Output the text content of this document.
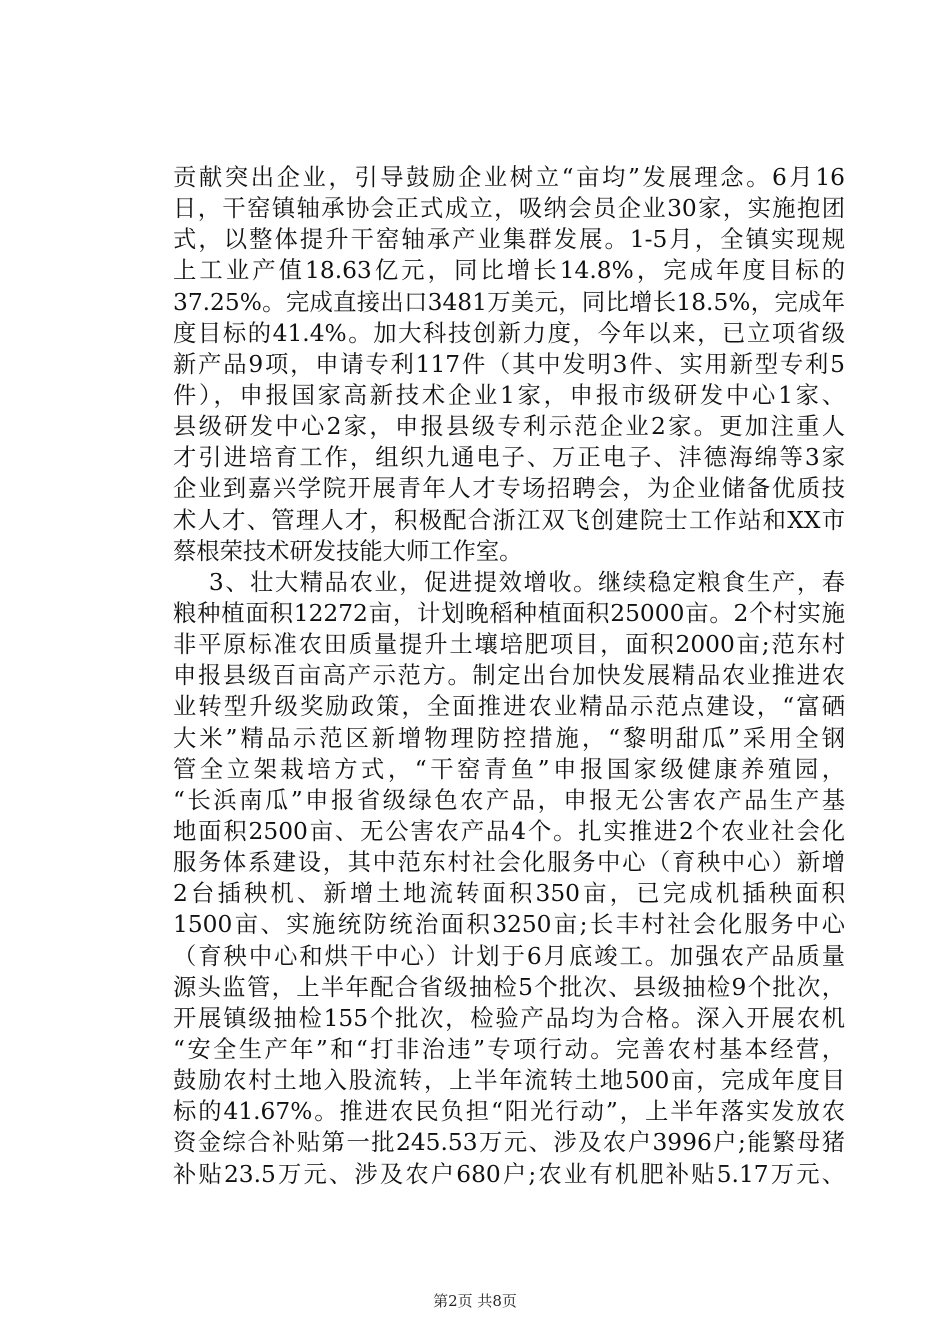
贡献突出企业，引导鼓励企业树立“亩均”发展理念。6月16
日，干窑镇轴承协会正式成立，吸纳会员企业30家，实施抱团
式，以整体提升干窑轴承产业集群发展。1-5月，全镇实现规
上工业产值18.63亿元，同比增长14.8%，完成年度目标的
37.25%。完成直接出口3481万美元，同比增长18.5%，完成年
度目标的41.4%。加大科技创新力度，今年以来，已立项省级
新产品9项，申请专利117件（其中发明3件、实用新型专利5
件），申报国家高新技术企业1家，申报市级研发中心1家、
县级研发中心2家，申报县级专利示范企业2家。更加注重人
才引进培育工作，组织九通电子、万正电子、沣德海绵等3家
企业到嘉兴学院开展青年人才专场招聘会，为企业储备优质技
术人才、管理人才，积极配合浙江双飞创建院士工作站和XX市
蔡根荣技术研发技能大师工作室。
3、壮大精品农业，促进提效增收。继续稳定粮食生产，春
粮种植面积12272亩，计划晚稻种植面积25000亩。2个村实施
非平原标准农田质量提升土壤培肥项目，面积2000亩;范东村
申报县级百亩高产示范方。制定出台加快发展精品农业推进农
业转型升级奖励政策，全面推进农业精品示范点建设，“富硒
大米”精品示范区新增物理防控措施，“黎明甜瓜”采用全钢
管全立架栽培方式，“干窑青鱼”申报国家级健康养殖园，
“长浜南瓜”申报省级绿色农产品，申报无公害农产品生产基
地面积2500亩、无公害农产品4个。扎实推进2个农业社会化
服务体系建设，其中范东村社会化服务中心（育秧中心）新增
2台插秧机、新增土地流转面积350亩，已完成机插秧面积
1500亩、实施统防统治面积3250亩;长丰村社会化服务中心
（育秧中心和烘干中心）计划于6月底竣工。加强农产品质量
源头监管，上半年配合省级抽检5个批次、县级抽检9个批次，
开展镇级抽检155个批次，检验产品均为合格。深入开展农机
“安全生产年”和“打非治违”专项行动。完善农村基本经营，
鼓励农村土地入股流转，上半年流转土地500亩，完成年度目
标的41.67%。推进农民负担“阳光行动”，上半年落实发放农
资金综合补贴第一批245.53万元、涉及农户3996户;能繁母猪
补贴23.5万元、涉及农户680户;农业有机肥补贴5.17万元、
第2页 共8页
